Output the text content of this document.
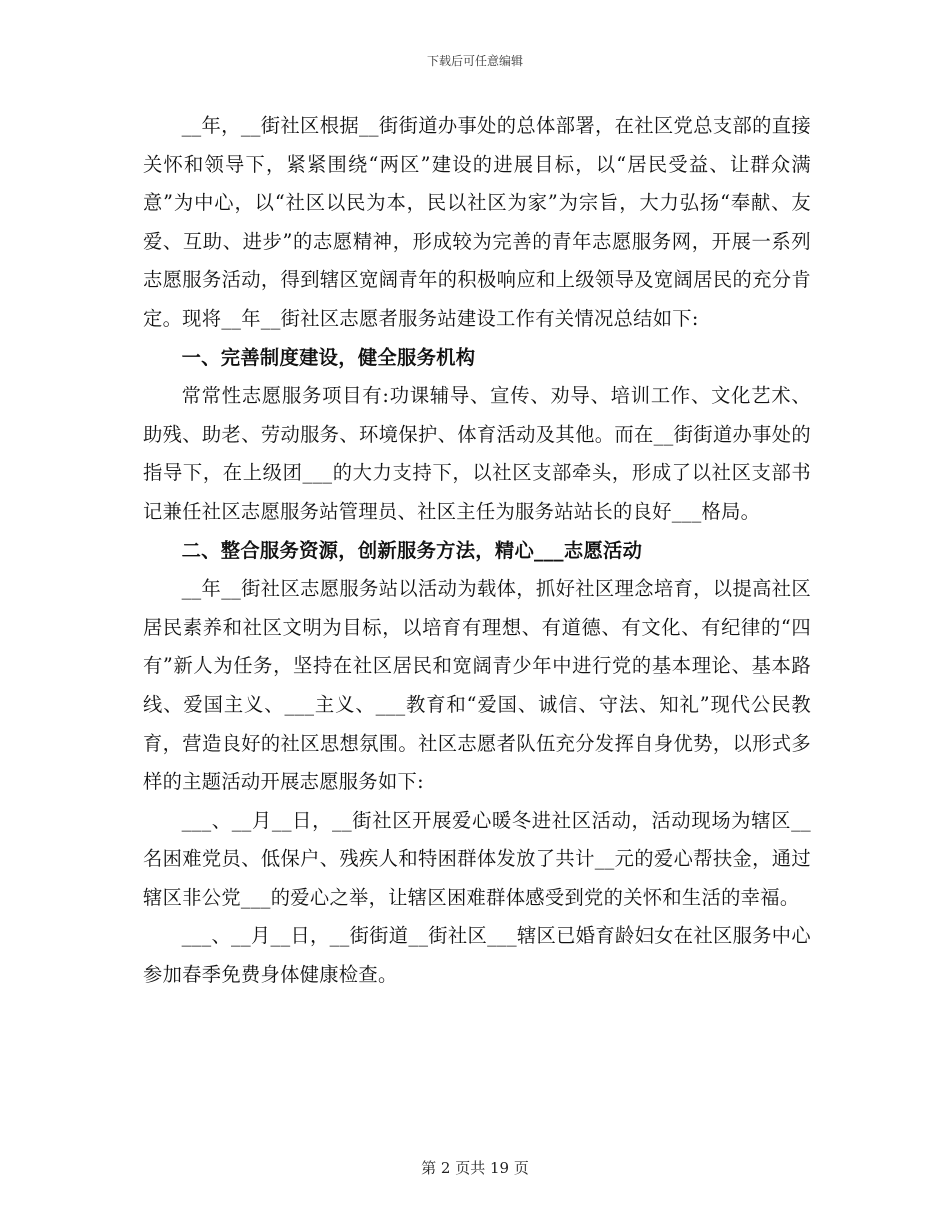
下载后可任意编辑

__年，__街社区根据__街街道办事处的总体部署，在社区党总支部的直接关怀和领导下，紧紧围绕“两区”建设的进展目标，以“居民受益、让群众满意”为中心，以“社区以民为本，民以社区为家”为宗旨，大力弘扬“奉献、友爱、互助、进步”的志愿精神，形成较为完善的青年志愿服务网，开展一系列志愿服务活动，得到辖区宽阔青年的积极响应和上级领导及宽阔居民的充分肯定。现将__年__街社区志愿者服务站建设工作有关情况总结如下:

一、完善制度建设，健全服务机构

常常性志愿服务项目有:功课辅导、宣传、劝导、培训工作、文化艺术、助残、助老、劳动服务、环境保护、体育活动及其他。而在__街街道办事处的指导下，在上级团___的大力支持下，以社区支部牵头，形成了以社区支部书记兼任社区志愿服务站管理员、社区主任为服务站站长的良好___格局。

二、整合服务资源，创新服务方法，精心___志愿活动

__年__街社区志愿服务站以活动为载体，抓好社区理念培育，以提高社区居民素养和社区文明为目标，以培育有理想、有道德、有文化、有纪律的“四有”新人为任务，坚持在社区居民和宽阔青少年中进行党的基本理论、基本路线、爱国主义、___主义、___教育和“爱国、诚信、守法、知礼”现代公民教育，营造良好的社区思想氛围。社区志愿者队伍充分发挥自身优势，以形式多样的主题活动开展志愿服务如下:

___、__月__日，__街社区开展爱心暖冬进社区活动，活动现场为辖区__名困难党员、低保户、残疾人和特困群体发放了共计__元的爱心帮扶金，通过辖区非公党___的爱心之举，让辖区困难群体感受到党的关怀和生活的幸福。

___、__月__日，__街街道__街社区___辖区已婚育龄妇女在社区服务中心参加春季免费身体健康检查。

第 2 页共 19 页
